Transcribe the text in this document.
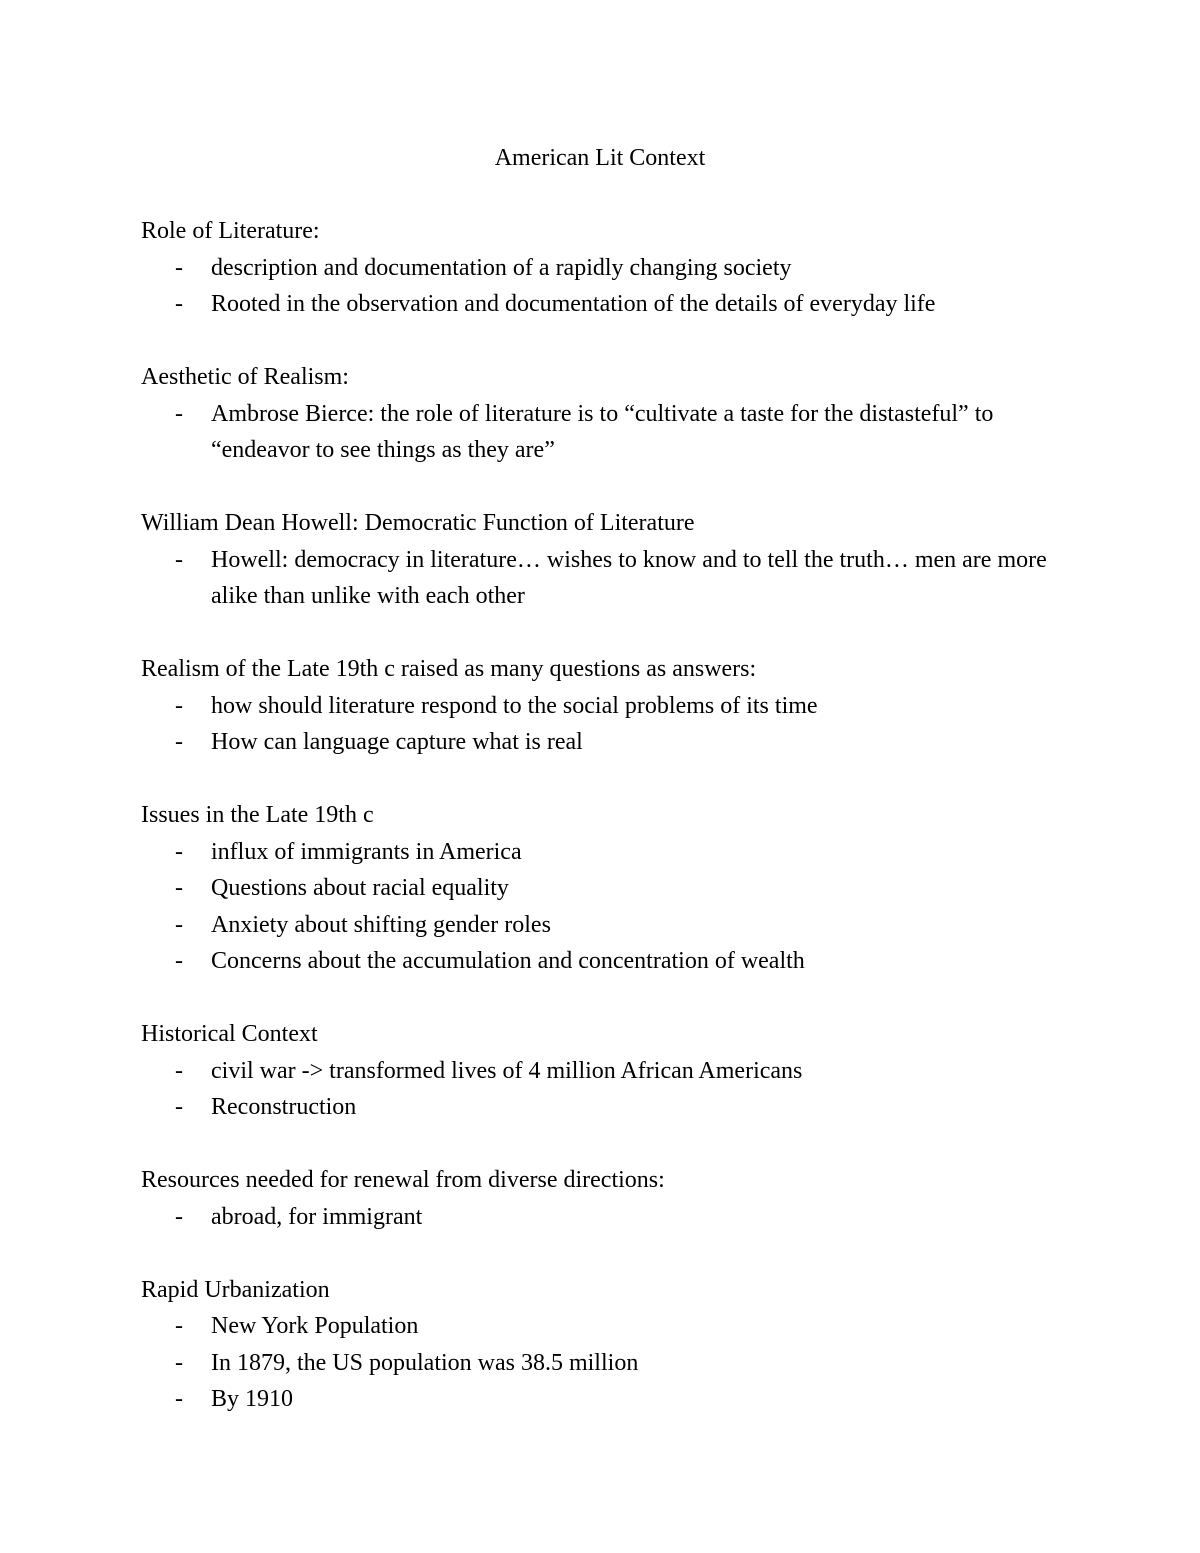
American Lit Context

Role of Literature:

- description and documentation of a rapidly changing society
- Rooted in the observation and documentation of the details of everyday life

Aesthetic of Realism:

- Ambrose Bierce: the role of literature is to “cultivate a taste for the distasteful” to “endeavor to see things as they are”

William Dean Howell: Democratic Function of Literature

- Howell: democracy in literature… wishes to know and to tell the truth… men are more alike than unlike with each other

Realism of the Late 19th c raised as many questions as answers:

- how should literature respond to the social problems of its time
- How can language capture what is real

Issues in the Late 19th c

- influx of immigrants in America
- Questions about racial equality
- Anxiety about shifting gender roles
- Concerns about the accumulation and concentration of wealth

Historical Context

- civil war -> transformed lives of 4 million African Americans
- Reconstruction

Resources needed for renewal from diverse directions:

- abroad, for immigrant

Rapid Urbanization

- New York Population
- In 1879, the US population was 38.5 million
- By 1910
